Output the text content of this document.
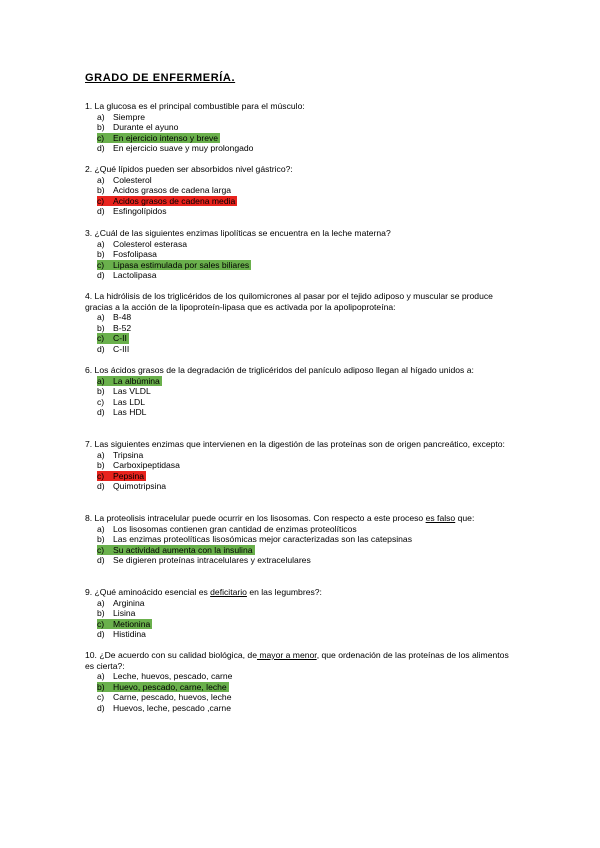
GRADO DE ENFERMERÍA.
1. La glucosa es el principal combustible para el músculo:
a) Siempre
b) Durante el ayuno
c) En ejercicio intenso y breve
d) En ejercicio suave y muy prolongado
2. ¿Qué lípidos pueden ser absorbidos nivel gástrico?:
a) Colesterol
b) Acidos grasos de cadena larga
c) Acidos grasos de cadena media
d) Esfingolípidos
3. ¿Cuál de las siguientes enzimas lipolíticas se encuentra en la leche materna?
a) Colesterol esterasa
b) Fosfolipasa
c) Lipasa estimulada por sales biliares
d) Lactolipasa
4. La hidrólisis de los triglicéridos de los quilomicrones al pasar por el tejido adiposo y muscular se produce gracias a la acción de la lipoproteín-lipasa que es activada por la apolipoproteína:
a) B-48
b) B-52
c) C-II
d) C-III
6. Los ácidos grasos de la degradación de triglicéridos del panículo adiposo llegan al hígado unidos a:
a) La albúmina
b) Las VLDL
c) Las LDL
d) Las HDL
7. Las siguientes enzimas que intervienen en la digestión de las proteínas son de origen pancreático, excepto:
a) Tripsina
b) Carboxipeptidasa
c) Pepsina
d) Quimotripsina
8. La proteolisis intracelular puede ocurrir en los lisosomas. Con respecto a este proceso es falso que:
a) Los lisosomas contienen gran cantidad de enzimas proteolíticos
b) Las enzimas proteolíticas lisosómicas mejor caracterizadas son las catepsinas
c) Su actividad aumenta con la insulina
d) Se digieren proteínas intracelulares y extracelulares
9. ¿Qué aminoácido esencial es deficitario en las legumbres?:
a) Arginina
b) Lisina
c) Metionina
d) Histidina
10. ¿De acuerdo con su calidad biológica, de mayor a menor, que ordenación de las proteínas de los alimentos es cierta?:
a) Leche, huevos, pescado, carne
b) Huevo, pescado, carne, leche
c) Carne, pescado, huevos, leche
d) Huevos, leche, pescado ,carne
